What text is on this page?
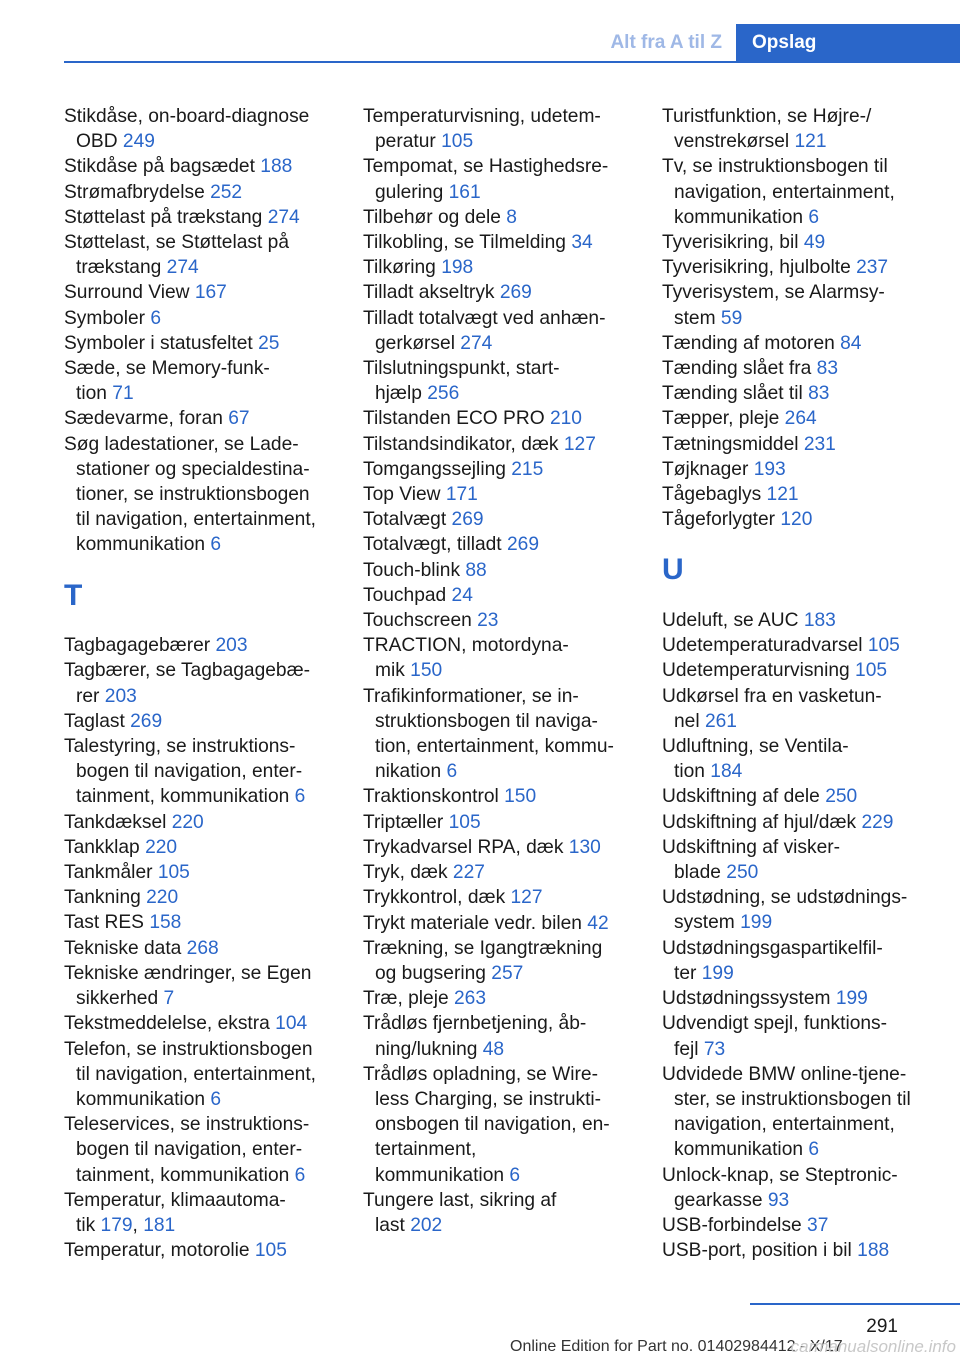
Alt fra A til Z	Opslag
Stikdåse, on-board-diagnose
OBD 249
Stikdåse på bagsædet 188
Strømafbrydelse 252
Støttelast på trækstang 274
Støttelast, se Støttelast på
trækstang 274
Surround View 167
Symboler 6
Symboler i statusfeltet 25
Sæde, se Memory-funk-
tion 71
Sædevarme, foran 67
Søg ladestationer, se Lade-
stationer og specialdestina-
tioner, se instruktionsbogen
til navigation, entertainment,
kommunikation 6
T
Tagbagagebærer 203
Tagbærer, se Tagbagagebæ-
rer 203
Taglast 269
Talestyring, se instruktions-
bogen til navigation, enter-
tainment, kommunikation 6
Tankdæksel 220
Tankklap 220
Tankmåler 105
Tankning 220
Tast RES 158
Tekniske data 268
Tekniske ændringer, se Egen
sikkerhed 7
Tekstmeddelelse, ekstra 104
Telefon, se instruktionsbogen
til navigation, entertainment,
kommunikation 6
Teleservices, se instruktions-
bogen til navigation, enter-
tainment, kommunikation 6
Temperatur, klimaautoma-
tik 179, 181
Temperatur, motorolie 105
Temperaturvisning, udetem-
peratur 105
Tempomat, se Hastighedsre-
gulering 161
Tilbehør og dele 8
Tilkobling, se Tilmelding 34
Tilkøring 198
Tilladt akseltryk 269
Tilladt totalvægt ved anhæn-
gerkørsel 274
Tilslutningspunkt, start-
hjælp 256
Tilstanden ECO PRO 210
Tilstandsindikator, dæk 127
Tomgangssejling 215
Top View 171
Totalvægt 269
Totalvægt, tilladt 269
Touch-blink 88
Touchpad 24
Touchscreen 23
TRACTION, motordyna-
mik 150
Trafikinformationer, se in-
struktionsbogen til naviga-
tion, entertainment, kommu-
nikation 6
Traktionskontrol 150
Triptæller 105
Trykadvarsel RPA, dæk 130
Tryk, dæk 227
Trykkontrol, dæk 127
Trykt materiale vedr. bilen 42
Trækning, se Igangtrækning
og bugsering 257
Træ, pleje 263
Trådløs fjernbetjening, åb-
ning/lukning 48
Trådløs opladning, se Wire-
less Charging, se instrukti-
onsbogen til navigation, en-
tertainment,
kommunikation 6
Tungere last, sikring af
last 202
Turistfunktion, se Højre-/
venstrekørsel 121
Tv, se instruktionsbogen til
navigation, entertainment,
kommunikation 6
Tyverisikring, bil 49
Tyverisikring, hjulbolte 237
Tyverisystem, se Alarmsy-
stem 59
Tænding af motoren 84
Tænding slået fra 83
Tænding slået til 83
Tæpper, pleje 264
Tætningsmiddel 231
Tøjknager 193
Tågebaglys 121
Tågeforlygter 120
U
Udeluft, se AUC 183
Udetemperaturadvarsel 105
Udetemperaturvisning 105
Udkørsel fra en vasketun-
nel 261
Udluftning, se Ventila-
tion 184
Udskiftning af dele 250
Udskiftning af hjul/dæk 229
Udskiftning af visker-
blade 250
Udstødning, se udstødnings-
system 199
Udstødningsgaspartikelfil-
ter 199
Udstødningssystem 199
Udvendigt spejl, funktions-
fejl 73
Udvidede BMW online-tjene-
ster, se instruktionsbogen til
navigation, entertainment,
kommunikation 6
Unlock-knap, se Steptronic-
gearkasse 93
USB-forbindelse 37
USB-port, position i bil 188
291
Online Edition for Part no. 01402984412 - X/17
carmanualsonline.info
